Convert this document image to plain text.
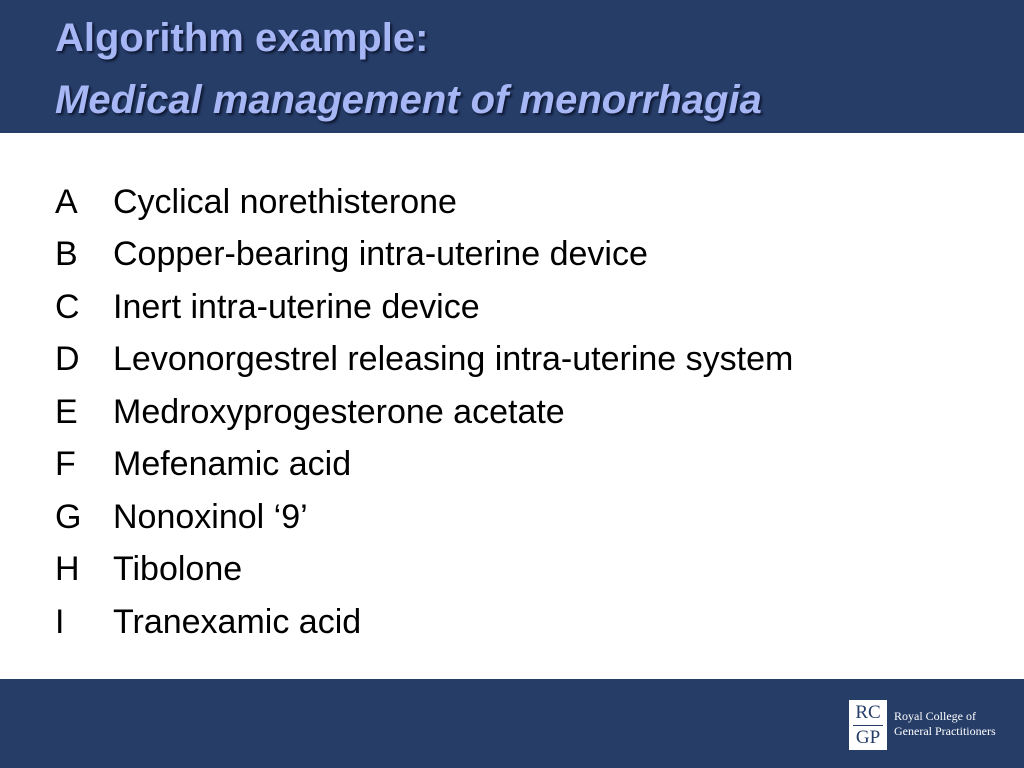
Algorithm example:
Medical management of menorrhagia
A	Cyclical norethisterone
B	Copper-bearing intra-uterine device
C Inert intra-uterine device
D Levonorgestrel releasing intra-uterine system
E	Medroxyprogesterone acetate
F	Mefenamic acid
G Nonoxinol ‘9’
H Tibolone
I	Tranexamic acid
RC
GP
Royal College of
General Practitioners
